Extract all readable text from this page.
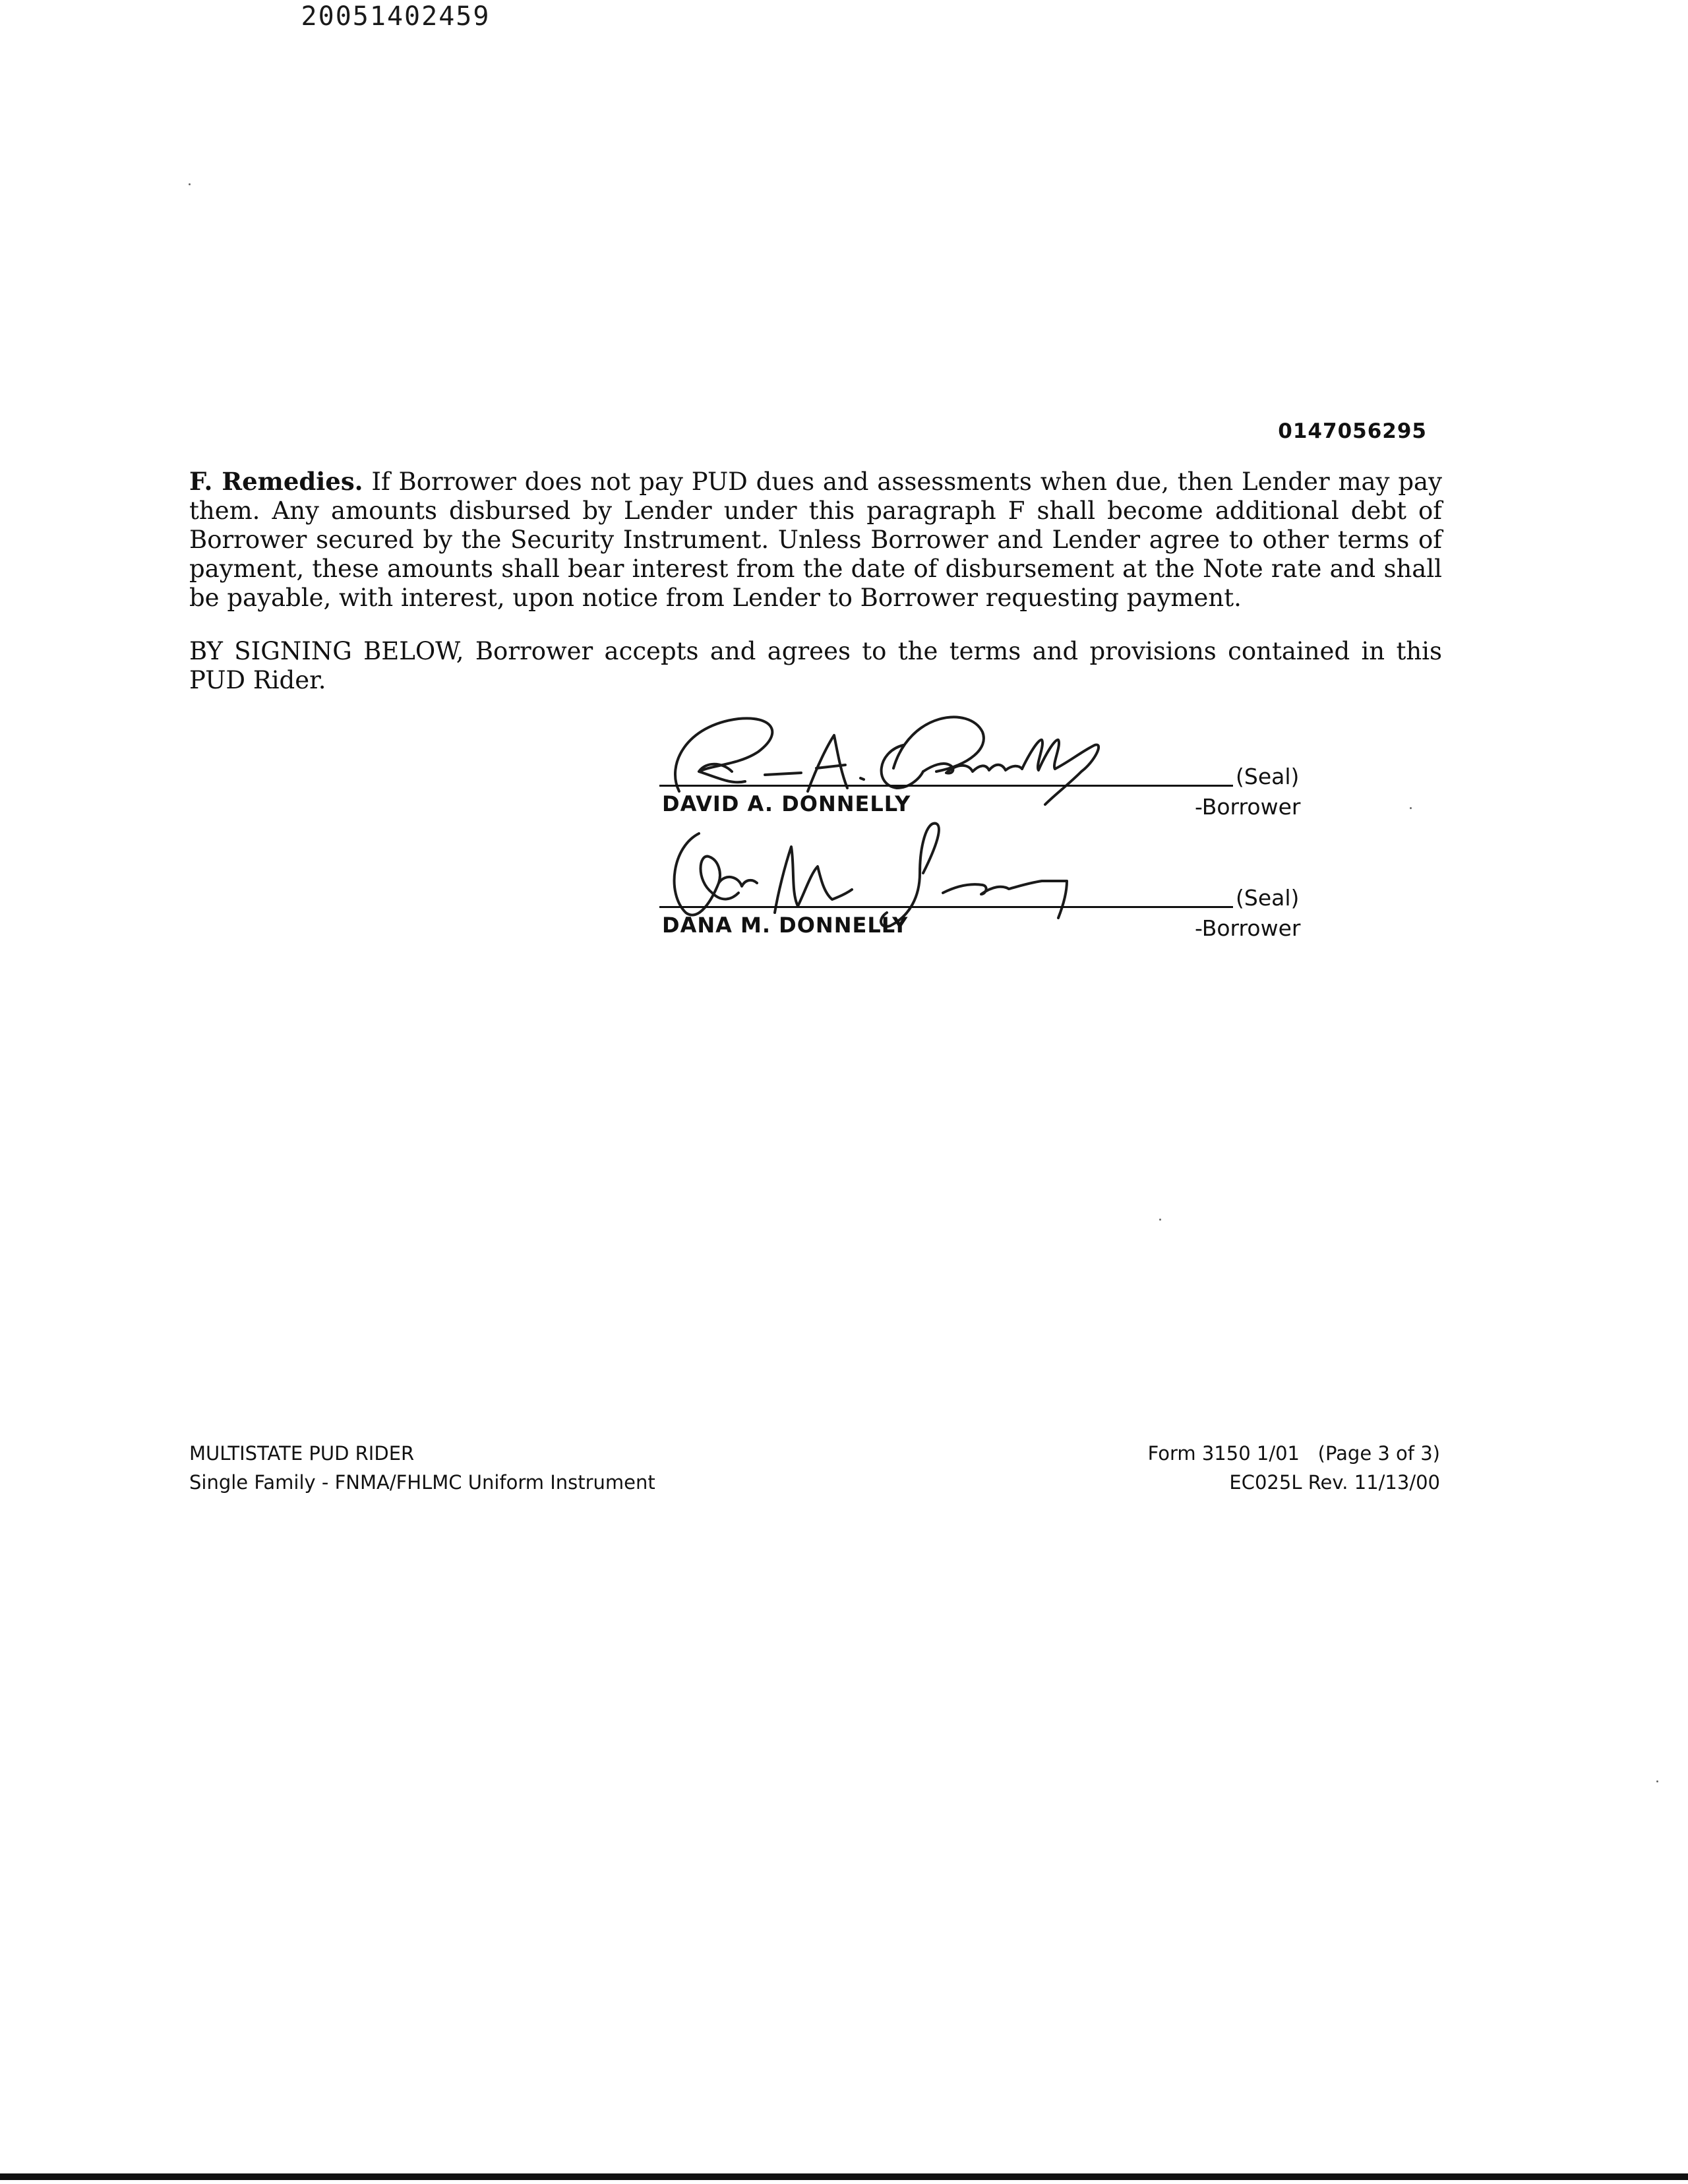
20051402459
0147056295
F. Remedies. If Borrower does not pay PUD dues and assessments when due, then Lender may pay them. Any amounts disbursed by Lender under this paragraph F shall become additional debt of Borrower secured by the Security Instrument. Unless Borrower and Lender agree to other terms of payment, these amounts shall bear interest from the date of disbursement at the Note rate and shall be payable, with interest, upon notice from Lender to Borrower requesting payment.
BY SIGNING BELOW, Borrower accepts and agrees to the terms and provisions contained in this PUD Rider.
(Seal)
DAVID A. DONNELLY	-Borrower
(Seal)
DANA M. DONNELLY	-Borrower
MULTISTATE PUD RIDER
Single Family - FNMA/FHLMC Uniform Instrument
Form 3150 1/01   (Page 3 of 3)
EC025L Rev. 11/13/00
